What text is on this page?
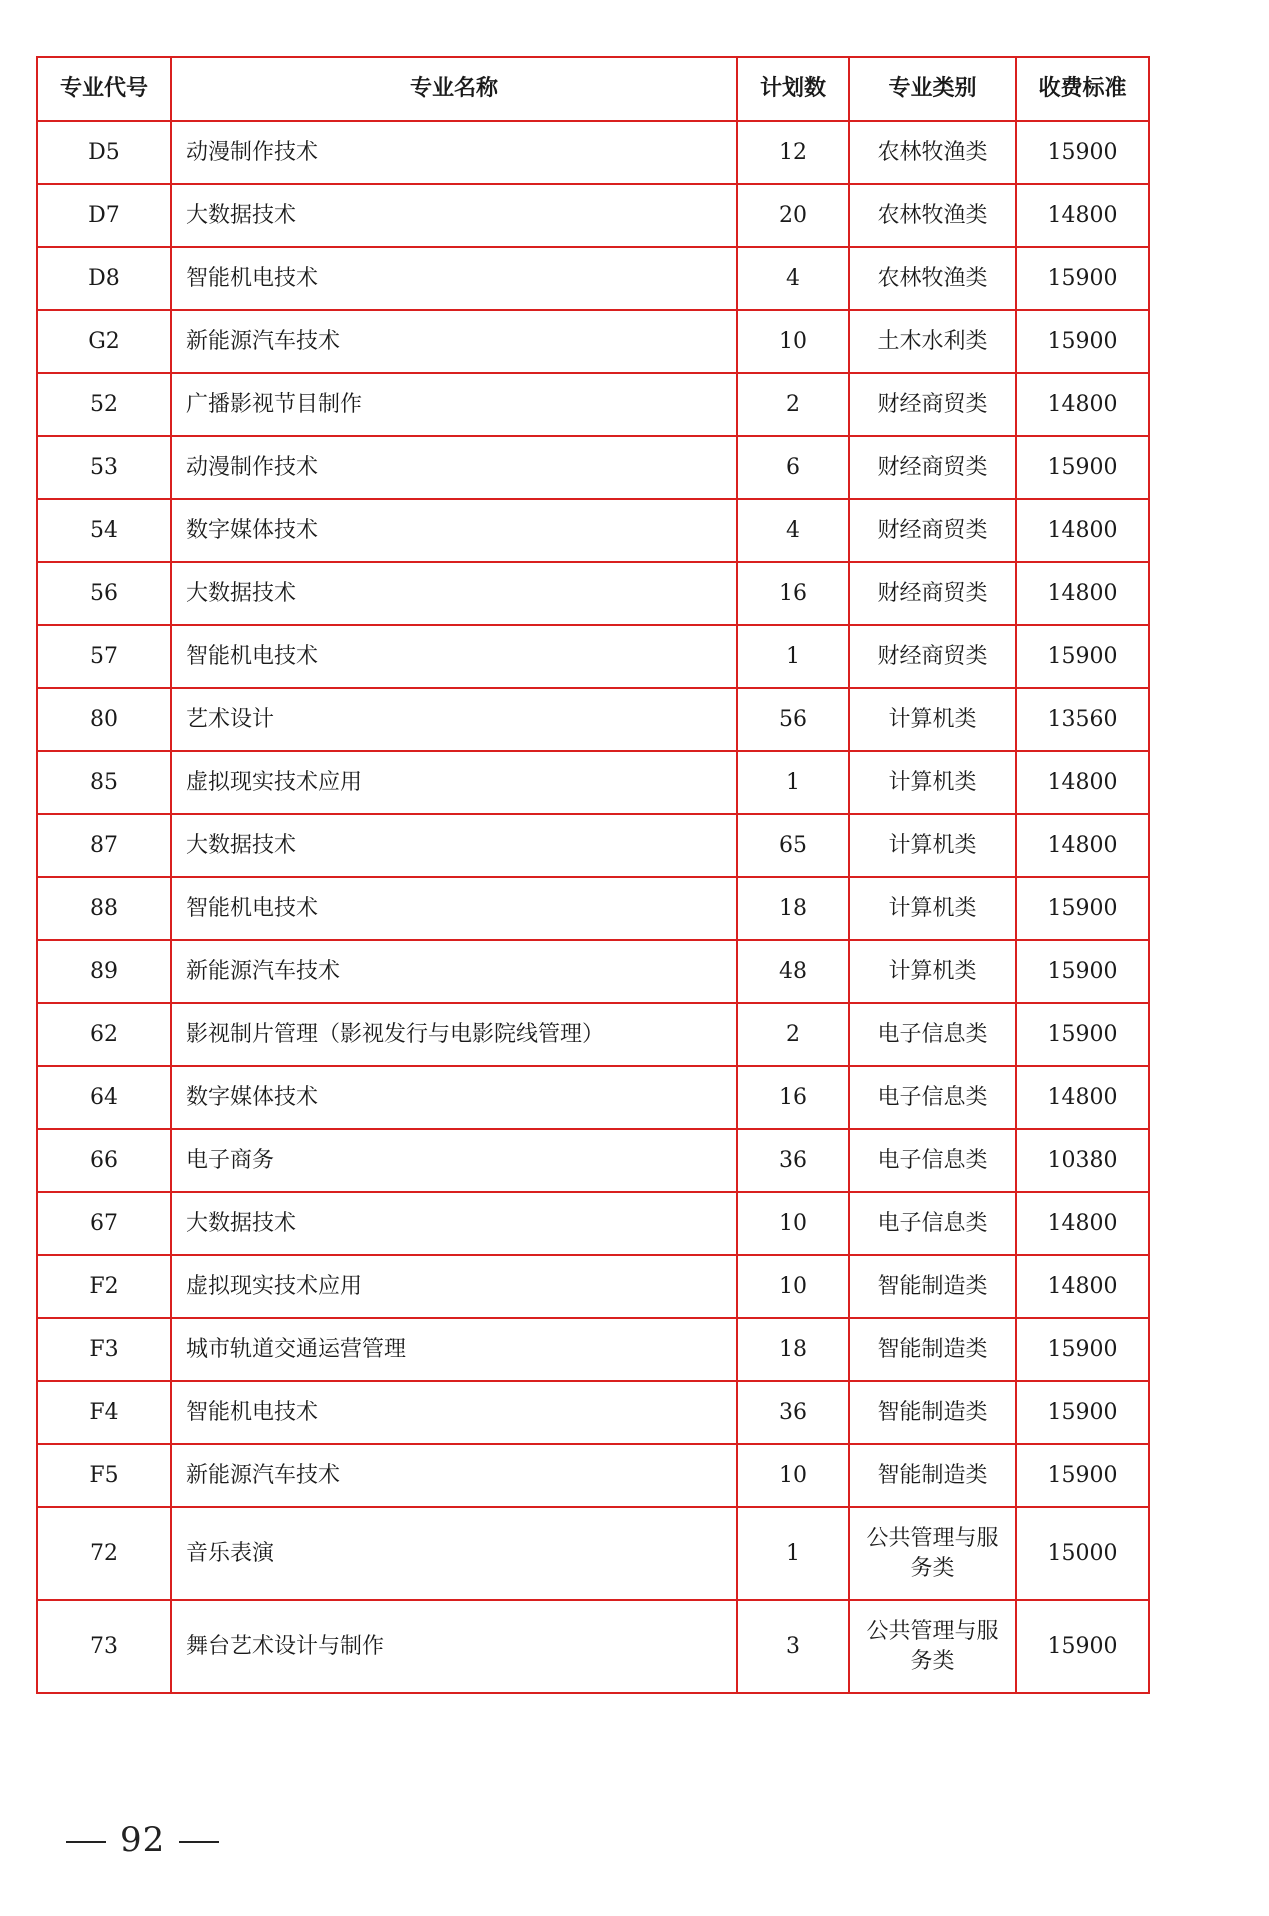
专业代号	专业名称	计划数	专业类别	收费标准
D5	动漫制作技术	12	农林牧渔类	15900
D7	大数据技术	20	农林牧渔类	14800
D8	智能机电技术	4	农林牧渔类	15900
G2	新能源汽车技术	10	土木水利类	15900
52	广播影视节目制作	2	财经商贸类	14800
53	动漫制作技术	6	财经商贸类	15900
54	数字媒体技术	4	财经商贸类	14800
56	大数据技术	16	财经商贸类	14800
57	智能机电技术	1	财经商贸类	15900
80	艺术设计	56	计算机类	13560
85	虚拟现实技术应用	1	计算机类	14800
87	大数据技术	65	计算机类	14800
88	智能机电技术	18	计算机类	15900
89	新能源汽车技术	48	计算机类	15900
62	影视制片管理（影视发行与电影院线管理）	2	电子信息类	15900
64	数字媒体技术	16	电子信息类	14800
66	电子商务	36	电子信息类	10380
67	大数据技术	10	电子信息类	14800
F2	虚拟现实技术应用	10	智能制造类	14800
F3	城市轨道交通运营管理	18	智能制造类	15900
F4	智能机电技术	36	智能制造类	15900
F5	新能源汽车技术	10	智能制造类	15900
72	音乐表演	1	公共管理与服务类	15000
73	舞台艺术设计与制作	3	公共管理与服务类	15900
92
